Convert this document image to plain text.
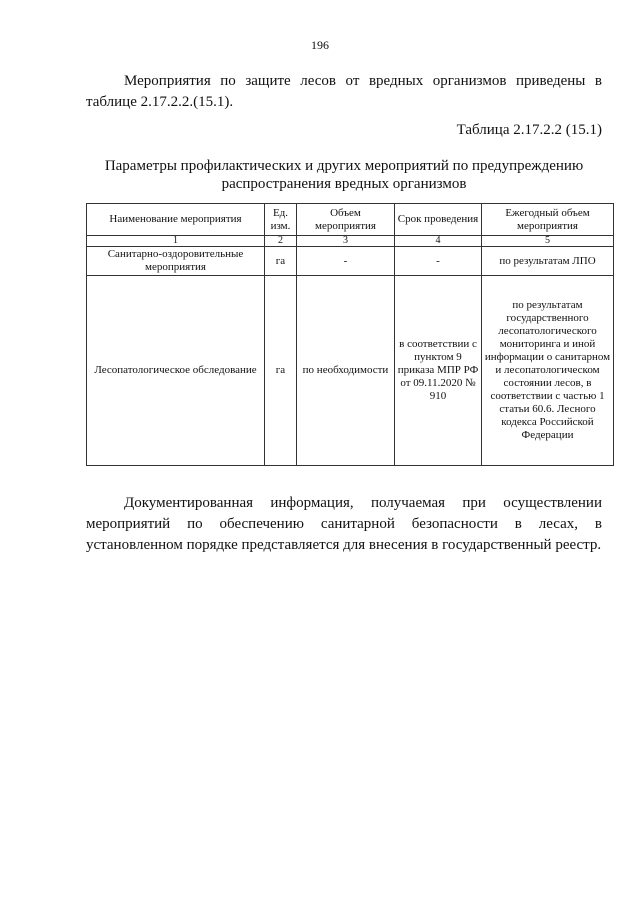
196

Мероприятия по защите лесов от вредных организмов приведены в таблице 2.17.2.2.(15.1).

Таблица 2.17.2.2 (15.1)
Параметры профилактических и других мероприятий по предупреждению распространения вредных организмов
Наименование мероприятия	Ед. изм.	Объем мероприятия	Срок проведения	Ежегодный объем мероприятия
1	2	3	4	5
Санитарно-оздоровительные мероприятия	га	-	-	по результатам ЛПО
Лесопатологическое обследование	га	по необходимости	в соответствии с пунктом 9 приказа МПР РФ от 09.11.2020 № 910	по результатам государственного лесопатологического мониторинга и иной информации о санитарном и лесопатологическом состоянии лесов, в соответствии с частью 1 статьи 60.6. Лесного кодекса Российской Федерации

Документированная информация, получаемая при осуществлении мероприятий по обеспечению санитарной безопасности в лесах, в установленном порядке представляется для внесения в государственный реестр.
